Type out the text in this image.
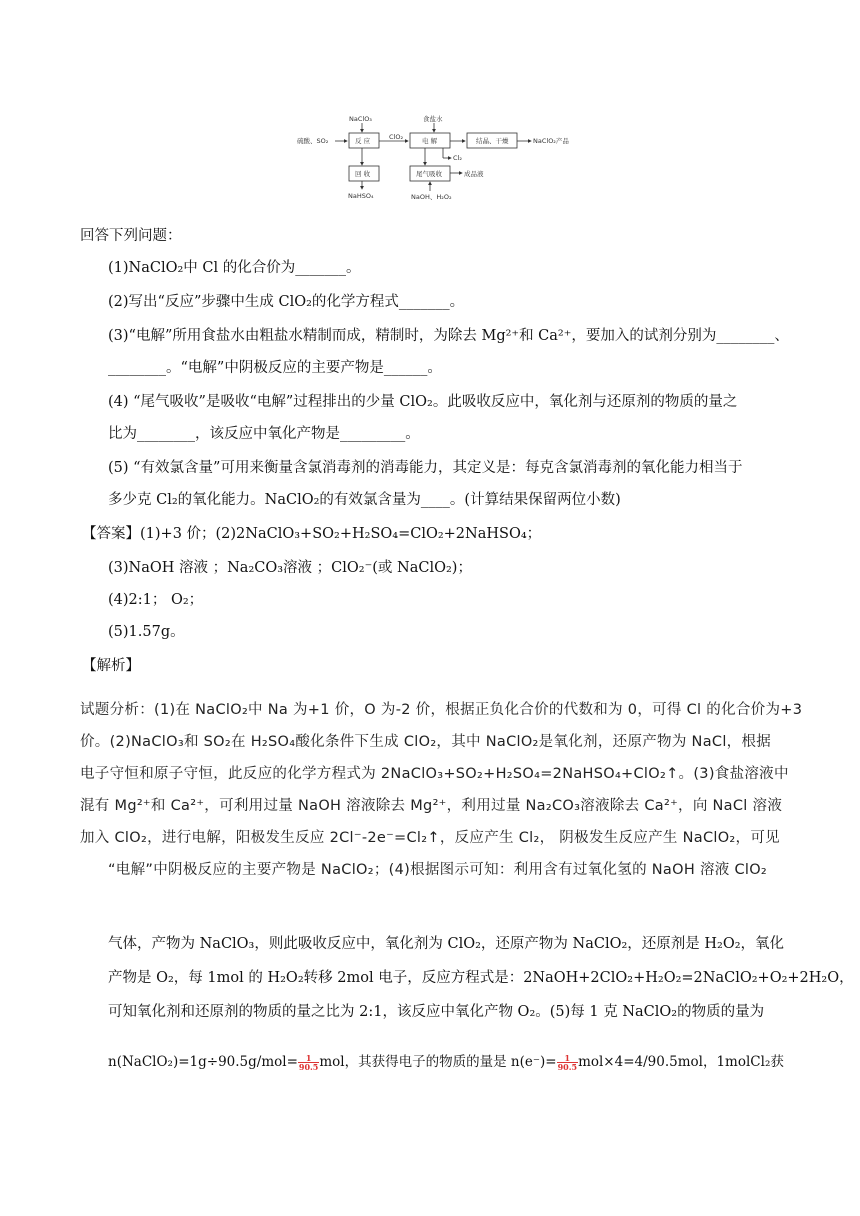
硫酸、SO₂
NaClO₃
反 应	ClO₂
食盐水
电 解
Cl₂
结晶、干燥	NaClO₂产品
回 收
NaHSO₄
尾气吸收	成品液
NaOH、H₂O₂
回答下列问题：
(1)NaClO₂中 Cl 的化合价为_______。
(2)写出“反应”步骤中生成 ClO₂的化学方程式_______。
(3)“电解”所用食盐水由粗盐水精制而成，精制时，为除去 Mg²⁺和 Ca²⁺，要加入的试剂分别为________、
________。“电解”中阴极反应的主要产物是______。
(4) “尾气吸收”是吸收“电解”过程排出的少量 ClO₂。此吸收反应中，氧化剂与还原剂的物质的量之
比为________，该反应中氧化产物是_________。
(5) “有效氯含量”可用来衡量含氯消毒剂的消毒能力，其定义是：每克含氯消毒剂的氧化能力相当于
多少克 Cl₂的氧化能力。NaClO₂的有效氯含量为____。(计算结果保留两位小数)
【答案】(1)+3 价；(2)2NaClO₃+SO₂+H₂SO₄=ClO₂+2NaHSO₄；
(3)NaOH 溶液 ；Na₂CO₃溶液 ；ClO₂⁻(或 NaClO₂)；
(4)2:1； O₂；
(5)1.57g。
【解析】
试题分析：(1)在 NaClO₂中 Na 为+1 价，O 为-2 价，根据正负化合价的代数和为 0，可得 Cl 的化合价为+3
价。(2)NaClO₃和 SO₂在 H₂SO₄酸化条件下生成 ClO₂，其中 NaClO₂是氧化剂，还原产物为 NaCl，根据
电子守恒和原子守恒，此反应的化学方程式为 2NaClO₃+SO₂+H₂SO₄=2NaHSO₄+ClO₂↑。(3)食盐溶液中
混有 Mg²⁺和 Ca²⁺，可利用过量 NaOH 溶液除去 Mg²⁺，利用过量 Na₂CO₃溶液除去 Ca²⁺，向 NaCl 溶液
加入 ClO₂，进行电解，阳极发生反应 2Cl⁻-2e⁻=Cl₂↑，反应产生 Cl₂， 阴极发生反应产生 NaClO₂，可见
“电解”中阴极反应的主要产物是 NaClO₂；(4)根据图示可知：利用含有过氧化氢的 NaOH 溶液 ClO₂
气体，产物为 NaClO₃，则此吸收反应中，氧化剂为 ClO₂，还原产物为 NaClO₂，还原剂是 H₂O₂，氧化
产物是 O₂，每 1mol 的 H₂O₂转移 2mol 电子，反应方程式是：2NaOH+2ClO₂+H₂O₂=2NaClO₂+O₂+2H₂O，
可知氧化剂和还原剂的物质的量之比为 2:1，该反应中氧化产物 O₂。(5)每 1 克 NaClO₂的物质的量为
n(NaClO₂)=1g÷90.5g/mol= $\frac{1}{90.5}$ mol，其获得电子的物质的量是 $n(e^-)= \frac{1}{90.5} mol\times 4=4/90.5mol$，1molCl₂获
